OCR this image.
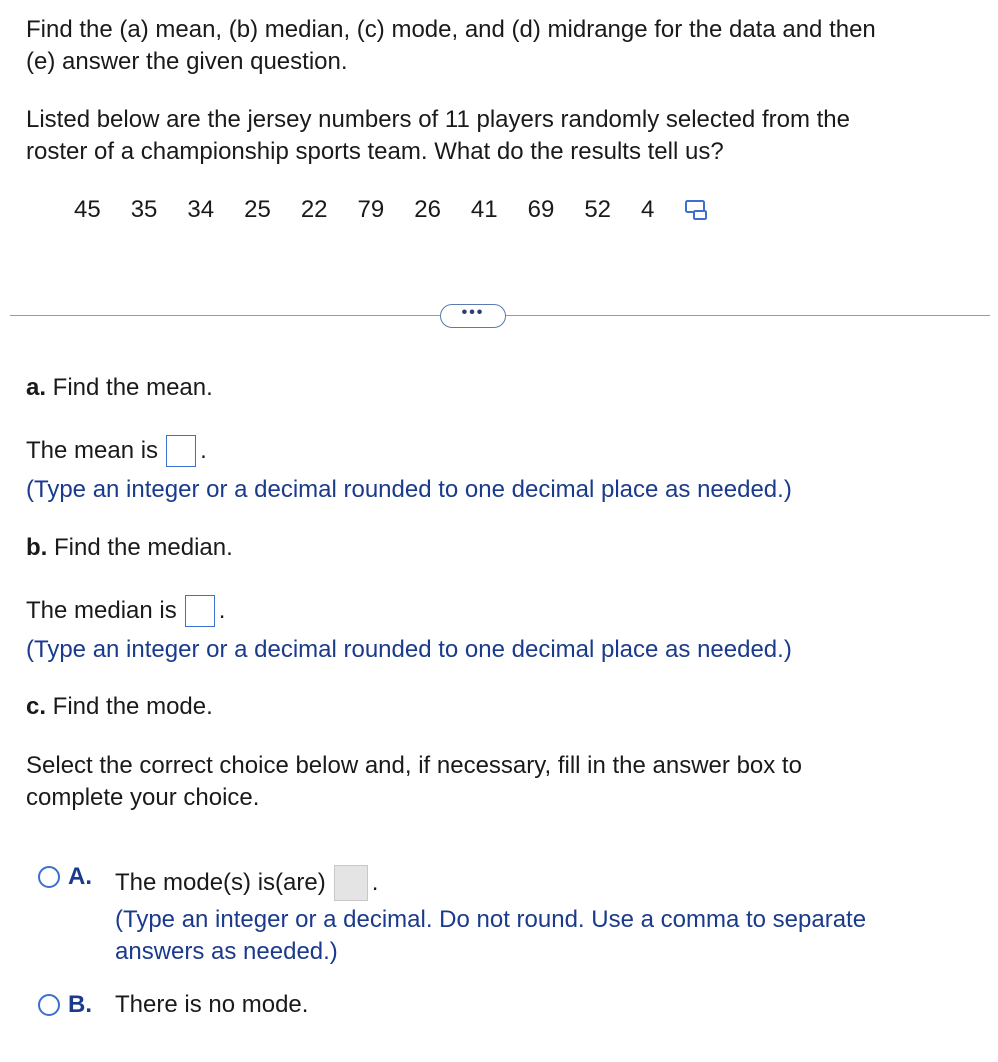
Find the (a) mean, (b) median, (c) mode, and (d) midrange for the data and then
(e) answer the given question.
Listed below are the jersey numbers of 11 players randomly selected from the
roster of a championship sports team. What do the results tell us?
45 35 34 25 22 79 26 41 69 52 4
•••
a. Find the mean.
The mean is .
(Type an integer or a decimal rounded to one decimal place as needed.)
b. Find the median.
The median is .
(Type an integer or a decimal rounded to one decimal place as needed.)
c. Find the mode.
Select the correct choice below and, if necessary, fill in the answer box to
complete your choice.
A. The mode(s) is(are) .
(Type an integer or a decimal. Do not round. Use a comma to separate
answers as needed.)
B. There is no mode.
